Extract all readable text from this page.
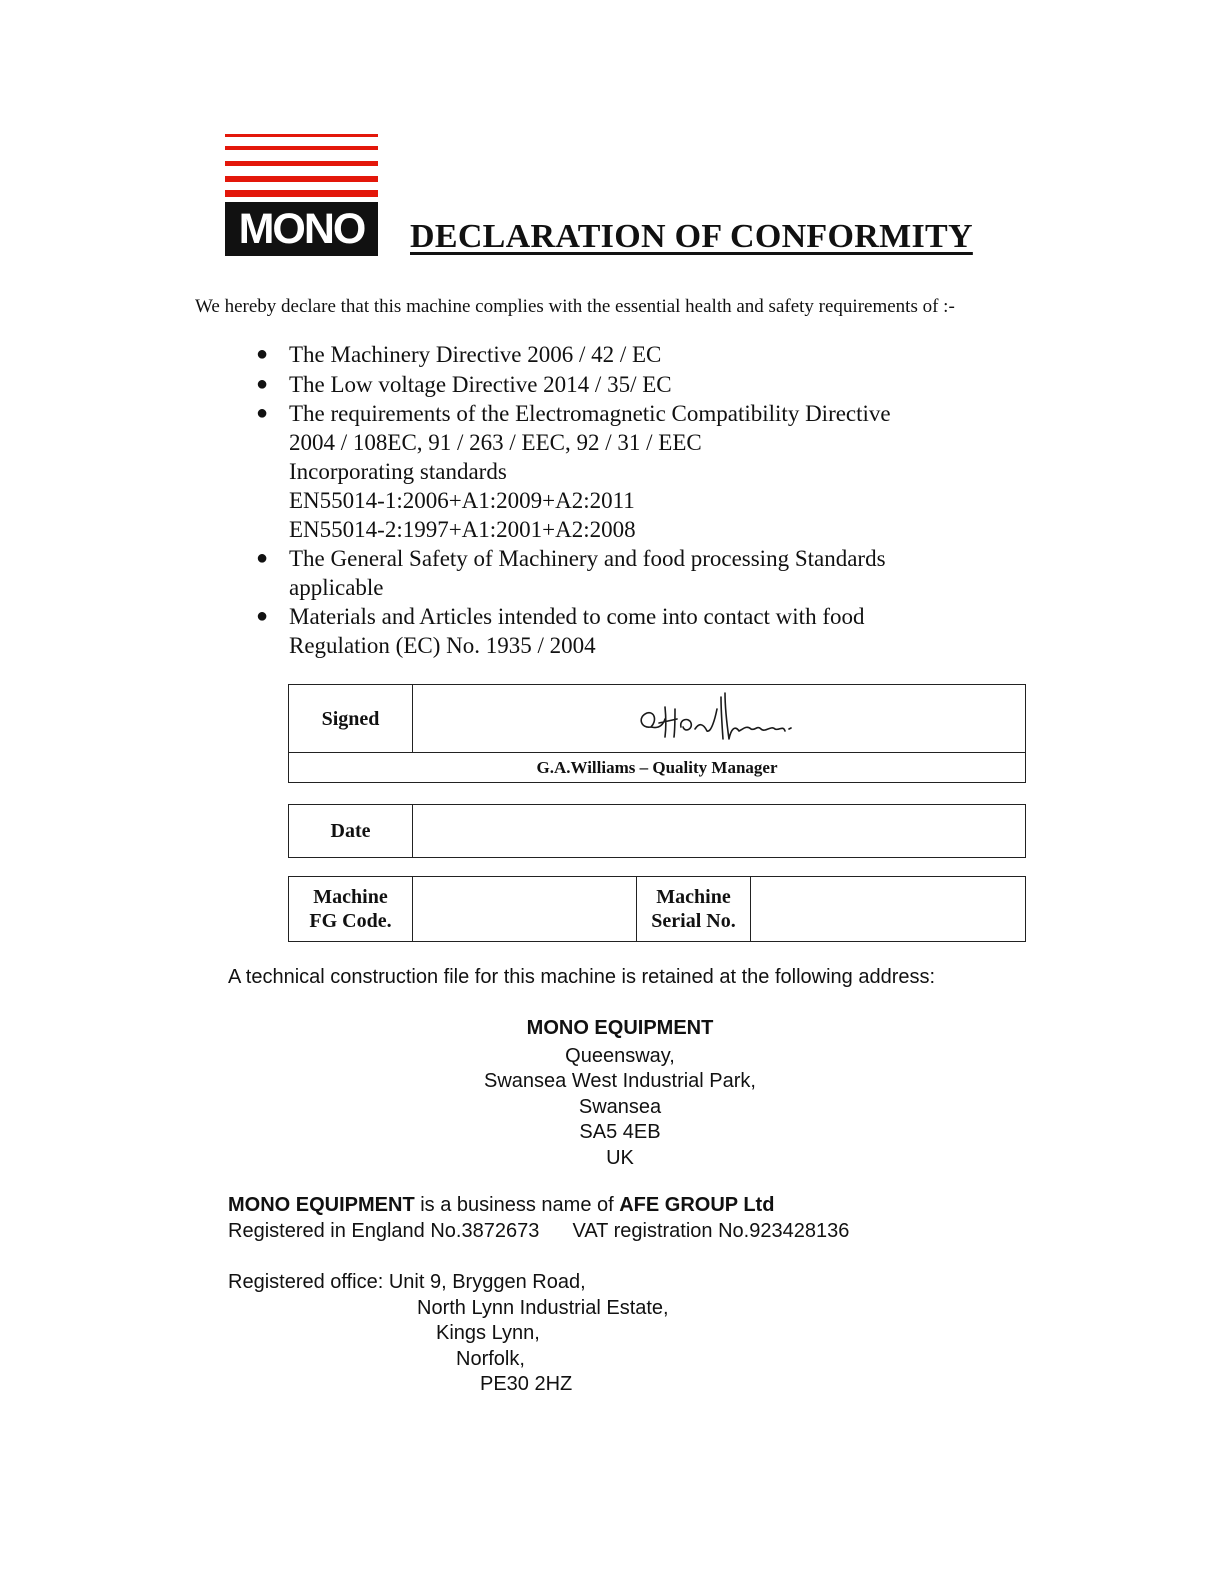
MONO	DECLARATION OF CONFORMITY
We hereby declare that this machine complies with the essential health and safety requirements of :-
● The Machinery Directive 2006 / 42 / EC
● The Low voltage Directive 2014 / 35/ EC
● The requirements of the Electromagnetic Compatibility Directive
2004 / 108EC, 91 / 263 / EEC, 92 / 31 / EEC
Incorporating standards
EN55014-1:2006+A1:2009+A2:2011
EN55014-2:1997+A1:2001+A2:2008
● The General Safety of Machinery and food processing Standards
applicable
● Materials and Articles intended to come into contact with food
Regulation (EC) No. 1935 / 2004
Signed
G.A.Williams – Quality Manager
Date
Machine
FG Code.
Machine
Serial No.
A technical construction file for this machine is retained at the following address:
MONO EQUIPMENT
Queensway,
Swansea West Industrial Park,
Swansea
SA5 4EB
UK
MONO EQUIPMENT is a business name of AFE GROUP Ltd
Registered in England No.3872673 VAT registration No.923428136
Registered office: Unit 9, Bryggen Road,
North Lynn Industrial Estate,
Kings Lynn,
Norfolk,
PE30 2HZ
